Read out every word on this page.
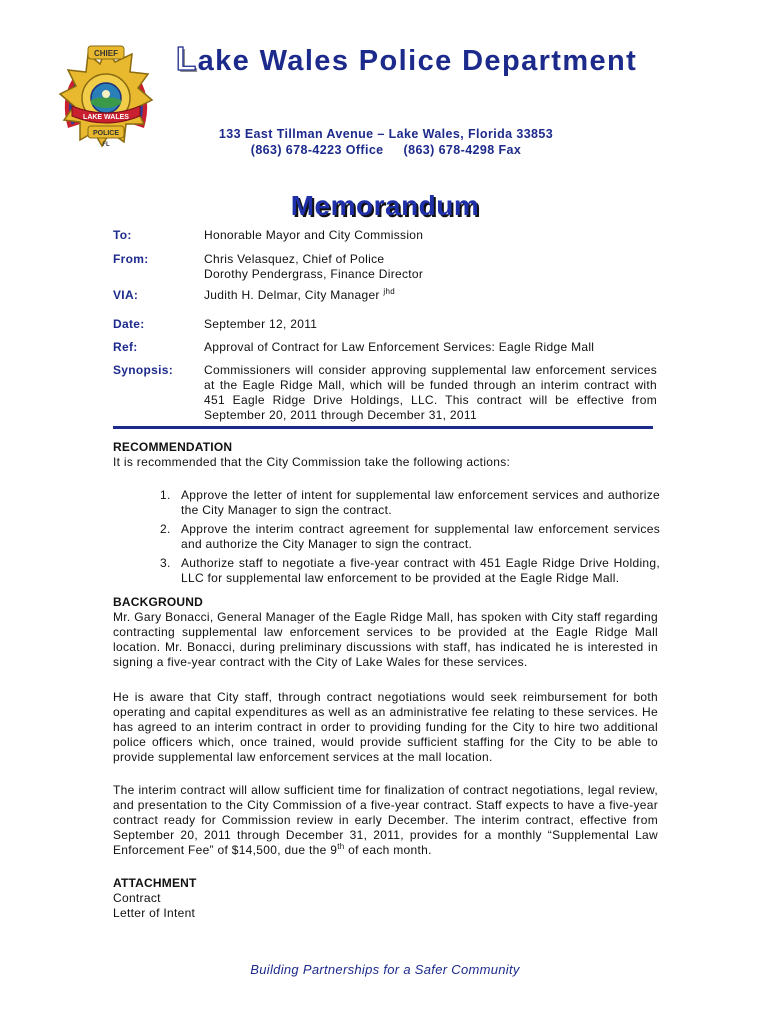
CHIEF
LAKE WALES
POLICE
FL
Lake Wales Police Department
133 East Tillman Avenue – Lake Wales, Florida 33853
(863) 678-4223 Office (863) 678-4298 Fax
Memorandum
To:	Honorable Mayor and City Commission
From:	Chris Velasquez, Chief of Police
Dorothy Pendergrass, Finance Director
VIA:	Judith H. Delmar, City Manager $^{jhd}$
Date:	September 12, 2011
Ref:	Approval of Contract for Law Enforcement Services: Eagle Ridge Mall
Synopsis:	Commissioners will consider approving supplemental law enforcement services at the Eagle Ridge Mall, which will be funded through an interim contract with 451 Eagle Ridge Drive Holdings, LLC. This contract will be effective from September 20, 2011 through December 31, 2011
RECOMMENDATION

It is recommended that the City Commission take the following actions:

1. Approve the letter of intent for supplemental law enforcement services and authorize the City Manager to sign the contract.
2. Approve the interim contract agreement for supplemental law enforcement services and authorize the City Manager to sign the contract.
3. Authorize staff to negotiate a five-year contract with 451 Eagle Ridge Drive Holding, LLC for supplemental law enforcement to be provided at the Eagle Ridge Mall.
BACKGROUND

Mr. Gary Bonacci, General Manager of the Eagle Ridge Mall, has spoken with City staff regarding contracting supplemental law enforcement services to be provided at the Eagle Ridge Mall location. Mr. Bonacci, during preliminary discussions with staff, has indicated he is interested in signing a five-year contract with the City of Lake Wales for these services.

He is aware that City staff, through contract negotiations would seek reimbursement for both operating and capital expenditures as well as an administrative fee relating to these services. He has agreed to an interim contract in order to providing funding for the City to hire two additional police officers which, once trained, would provide sufficient staffing for the City to be able to provide supplemental law enforcement services at the mall location.

The interim contract will allow sufficient time for finalization of contract negotiations, legal review, and presentation to the City Commission of a five-year contract. Staff expects to have a five-year contract ready for Commission review in early December. The interim contract, effective from September 20, 2011 through December 31, 2011, provides for a monthly “Supplemental Law Enforcement Fee” of $14,500, due the 9th of each month.

ATTACHMENT
Contract
Letter of Intent
Building Partnerships for a Safer Community
